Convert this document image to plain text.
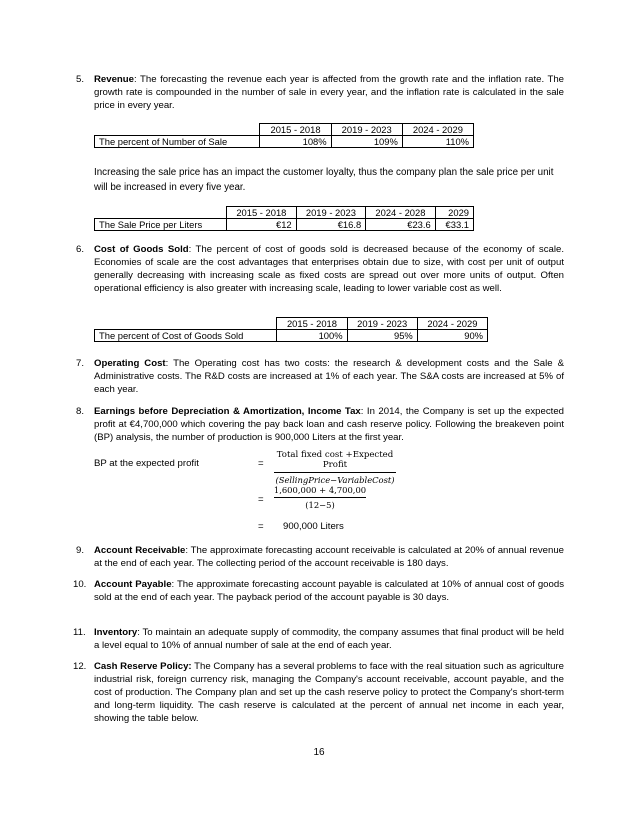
5.	Revenue: The forecasting the revenue each year is affected from the growth rate and the inflation rate. The growth rate is compounded in the number of sale in every year, and the inflation rate is calculated in the sale price in every year.
	2015 - 2018	2019 - 2023	2024 - 2029
The percent of Number of Sale	108%	109%	110%
Increasing the sale price has an impact the customer loyalty, thus the company plan the sale price per unit will be increased in every five year.
	2015 - 2018	2019 - 2023	2024 - 2028	2029
The Sale Price per Liters	€12	€16.8	€23.6	€33.1
6.	Cost of Goods Sold: The percent of cost of goods sold is decreased because of the economy of scale. Economies of scale are the cost advantages that enterprises obtain due to size, with cost per unit of output generally decreasing with increasing scale as fixed costs are spread out over more units of output. Often operational efficiency is also greater with increasing scale, leading to lower variable cost as well.
	2015 - 2018	2019 - 2023	2024 - 2029
The percent of Cost of Goods Sold	100%	95%	90%
7.	Operating Cost: The Operating cost has two costs: the research & development costs and the Sale & Administrative costs. The R&D costs are increased at 1% of each year. The S&A costs are increased at 5% of each year.
8.	Earnings before Depreciation & Amortization, Income Tax: In 2014, the Company is set up the expected profit at €4,700,000 which covering the pay back loan and cash reserve policy. Following the breakeven point (BP) analysis, the number of production is 900,000 Liters at the first year.
BP at the expected profit	=
Total fixed cost +Expected Profit
(SellingPrice−VariableCost)
=
1,600,000 + 4,700,00
(12−5)
= 900,000 Liters
9.	Account Receivable: The approximate forecasting account receivable is calculated at 20% of annual revenue at the end of each year. The collecting period of the account receivable is 180 days.
10. Account Payable: The approximate forecasting account payable is calculated at 10% of annual cost of goods sold at the end of each year. The payback period of the account payable is 30 days.
11. Inventory: To maintain an adequate supply of commodity, the company assumes that final product will be held a level equal to 10% of annual number of sale at the end of each year.
12. Cash Reserve Policy: The Company has a several problems to face with the real situation such as agriculture industrial risk, foreign currency risk, managing the Company's account receivable, account payable, and the cost of production. The Company plan and set up the cash reserve policy to protect the Company's short-term and long-term liquidity. The cash reserve is calculated at the percent of annual net income in each year, showing the table below.
16
